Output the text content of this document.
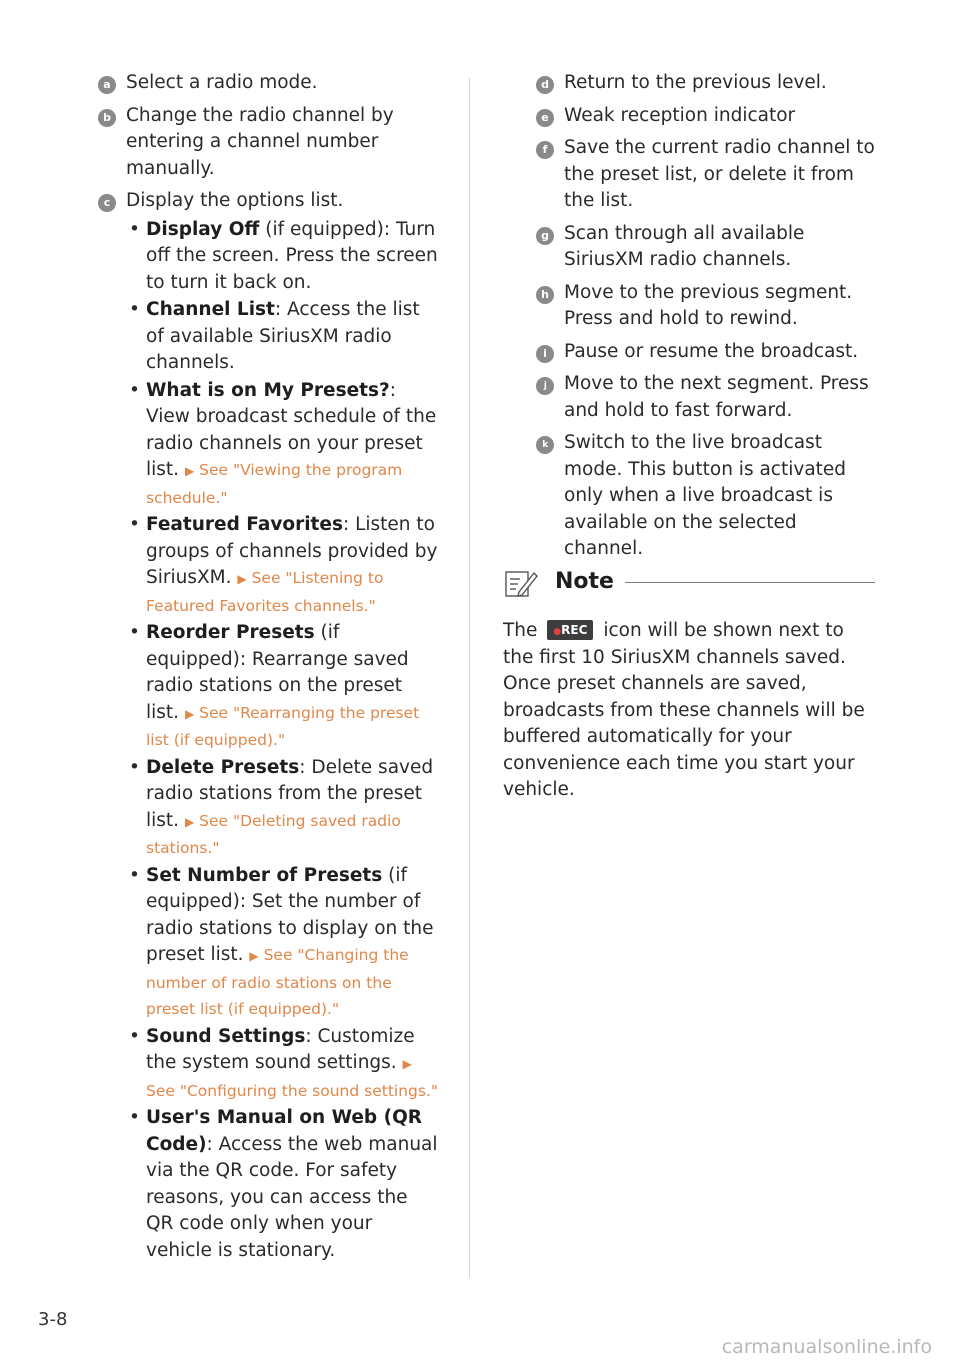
a Select a radio mode.
b Change the radio channel by entering a channel number manually.
c Display the options list.
• Display Off (if equipped): Turn off the screen. Press the screen to turn it back on.
• Channel List: Access the list of available SiriusXM radio channels.
• What is on My Presets?: View broadcast schedule of the radio channels on your preset list. ▶ See "Viewing the program schedule."
• Featured Favorites: Listen to groups of channels provided by SiriusXM. ▶ See "Listening to Featured Favorites channels."
• Reorder Presets (if equipped): Rearrange saved radio stations on the preset list. ▶ See "Rearranging the preset list (if equipped)."
• Delete Presets: Delete saved radio stations from the preset list. ▶ See "Deleting saved radio stations."
• Set Number of Presets (if equipped): Set the number of radio stations to display on the preset list. ▶ See "Changing the number of radio stations on the preset list (if equipped)."
• Sound Settings: Customize the system sound settings. ▶ See "Configuring the sound settings."
• User's Manual on Web (QR Code): Access the web manual via the QR code. For safety reasons, you can access the QR code only when your vehicle is stationary.
d Return to the previous level.
e Weak reception indicator
f Save the current radio channel to the preset list, or delete it from the list.
g Scan through all available SiriusXM radio channels.
h Move to the previous segment. Press and hold to rewind.
i Pause or resume the broadcast.
j Move to the next segment. Press and hold to fast forward.
k Switch to the live broadcast mode. This button is activated only when a live broadcast is available on the selected channel.
Note
The ●REC icon will be shown next to the first 10 SiriusXM channels saved. Once preset channels are saved, broadcasts from these channels will be buffered automatically for your convenience each time you start your vehicle.
3-8
carmanualsonline.info
